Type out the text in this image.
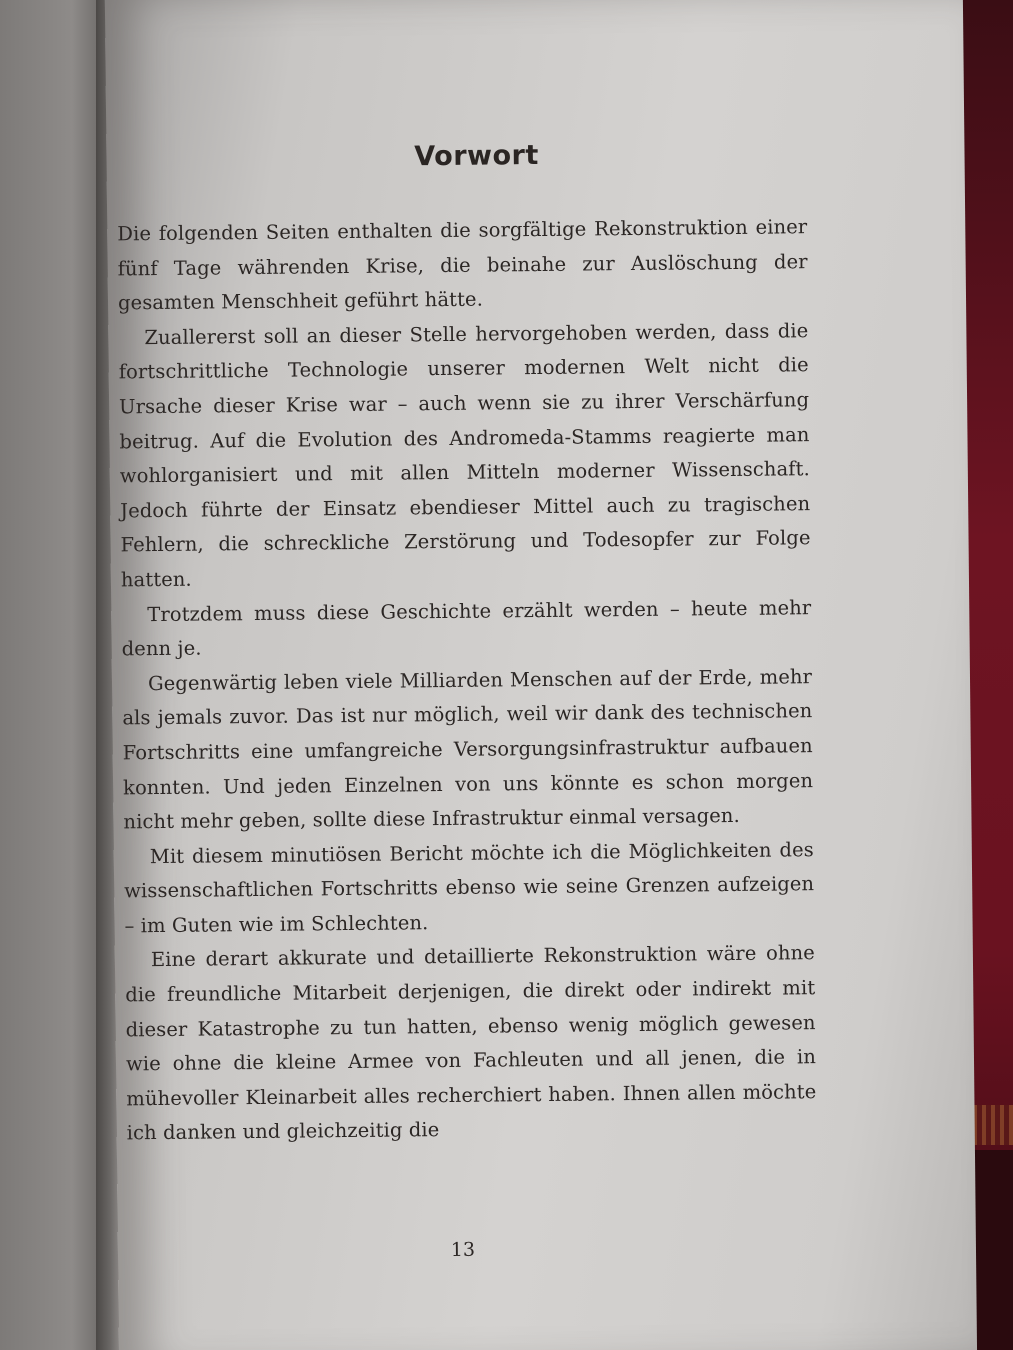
Vorwort

Die folgenden Seiten enthalten die sorgfältige Rekonstruktion einer fünf Tage währenden Krise, die beinahe zur Auslöschung der gesamten Menschheit geführt hätte.

Zuallererst soll an dieser Stelle hervorgehoben werden, dass die fortschrittliche Technologie unserer modernen Welt nicht die Ursache dieser Krise war – auch wenn sie zu ihrer Verschärfung beitrug. Auf die Evolution des Andromeda-Stamms reagierte man wohlorganisiert und mit allen Mitteln moderner Wissenschaft. Jedoch führte der Einsatz ebendieser Mittel auch zu tragischen Fehlern, die schreckliche Zerstörung und Todesopfer zur Folge hatten.

Trotzdem muss diese Geschichte erzählt werden – heute mehr denn je.

Gegenwärtig leben viele Milliarden Menschen auf der Erde, mehr als jemals zuvor. Das ist nur möglich, weil wir dank des technischen Fortschritts eine umfangreiche Versorgungsinfrastruktur aufbauen konnten. Und jeden Einzelnen von uns könnte es schon morgen nicht mehr geben, sollte diese Infrastruktur einmal versagen.

Mit diesem minutiösen Bericht möchte ich die Möglichkeiten des wissenschaftlichen Fortschritts ebenso wie seine Grenzen aufzeigen – im Guten wie im Schlechten.

Eine derart akkurate und detaillierte Rekonstruktion wäre ohne die freundliche Mitarbeit derjenigen, die direkt oder indirekt mit dieser Katastrophe zu tun hatten, ebenso wenig möglich gewesen wie ohne die kleine Armee von Fachleuten und all jenen, die in mühevoller Kleinarbeit alles recherchiert haben. Ihnen allen möchte ich danken und gleichzeitig die

13
